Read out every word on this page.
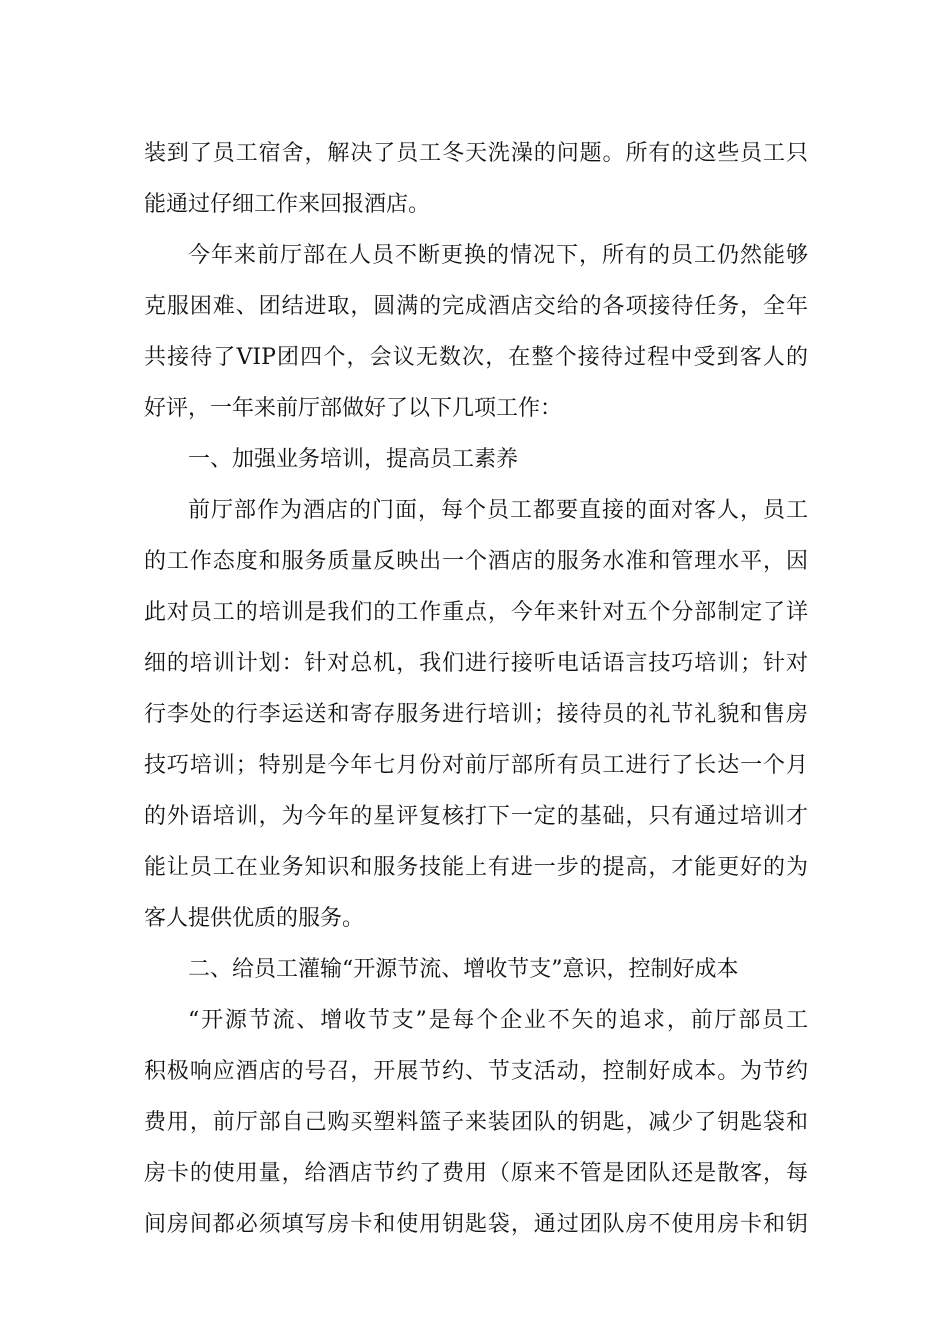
装到了员工宿舍，解决了员工冬天洗澡的问题。所有的这些员工只
能通过仔细工作来回报酒店。
今年来前厅部在人员不断更换的情况下，所有的员工仍然能够
克服困难、团结进取，圆满的完成酒店交给的各项接待任务，全年
共接待了VIP团四个，会议无数次，在整个接待过程中受到客人的
好评，一年来前厅部做好了以下几项工作：
一、加强业务培训，提高员工素养
前厅部作为酒店的门面，每个员工都要直接的面对客人，员工
的工作态度和服务质量反映出一个酒店的服务水准和管理水平，因
此对员工的培训是我们的工作重点，今年来针对五个分部制定了详
细的培训计划：针对总机，我们进行接听电话语言技巧培训；针对
行李处的行李运送和寄存服务进行培训；接待员的礼节礼貌和售房
技巧培训；特别是今年七月份对前厅部所有员工进行了长达一个月
的外语培训，为今年的星评复核打下一定的基础，只有通过培训才
能让员工在业务知识和服务技能上有进一步的提高，才能更好的为
客人提供优质的服务。
二、给员工灌输“开源节流、增收节支”意识，控制好成本
“开源节流、增收节支”是每个企业不矢的追求，前厅部员工
积极响应酒店的号召，开展节约、节支活动，控制好成本。为节约
费用，前厅部自己购买塑料篮子来装团队的钥匙，减少了钥匙袋和
房卡的使用量，给酒店节约了费用（原来不管是团队还是散客，每
间房间都必须填写房卡和使用钥匙袋，通过团队房不使用房卡和钥
